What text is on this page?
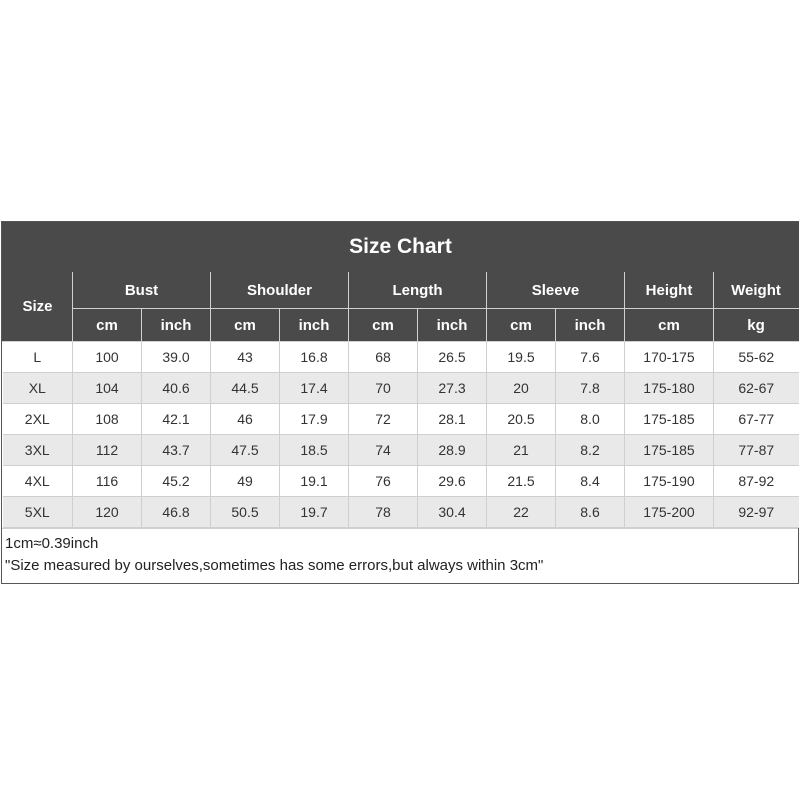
Size Chart										
Size	Bust		Shoulder		Length		Sleeve		Height	Weight
	cm	inch	cm	inch	cm	inch	cm	inch	cm	kg
L	100	39.0	43	16.8	68	26.5	19.5	7.6	170-175	55-62
XL	104	40.6	44.5	17.4	70	27.3	20	7.8	175-180	62-67
2XL	108	42.1	46	17.9	72	28.1	20.5	8.0	175-185	67-77
3XL	112	43.7	47.5	18.5	74	28.9	21	8.2	175-185	77-87
4XL	116	45.2	49	19.1	76	29.6	21.5	8.4	175-190	87-92
5XL	120	46.8	50.5	19.7	78	30.4	22	8.6	175-200	92-97
1cm≈0.39inch
"Size measured by ourselves,sometimes has some errors,but always within 3cm"
